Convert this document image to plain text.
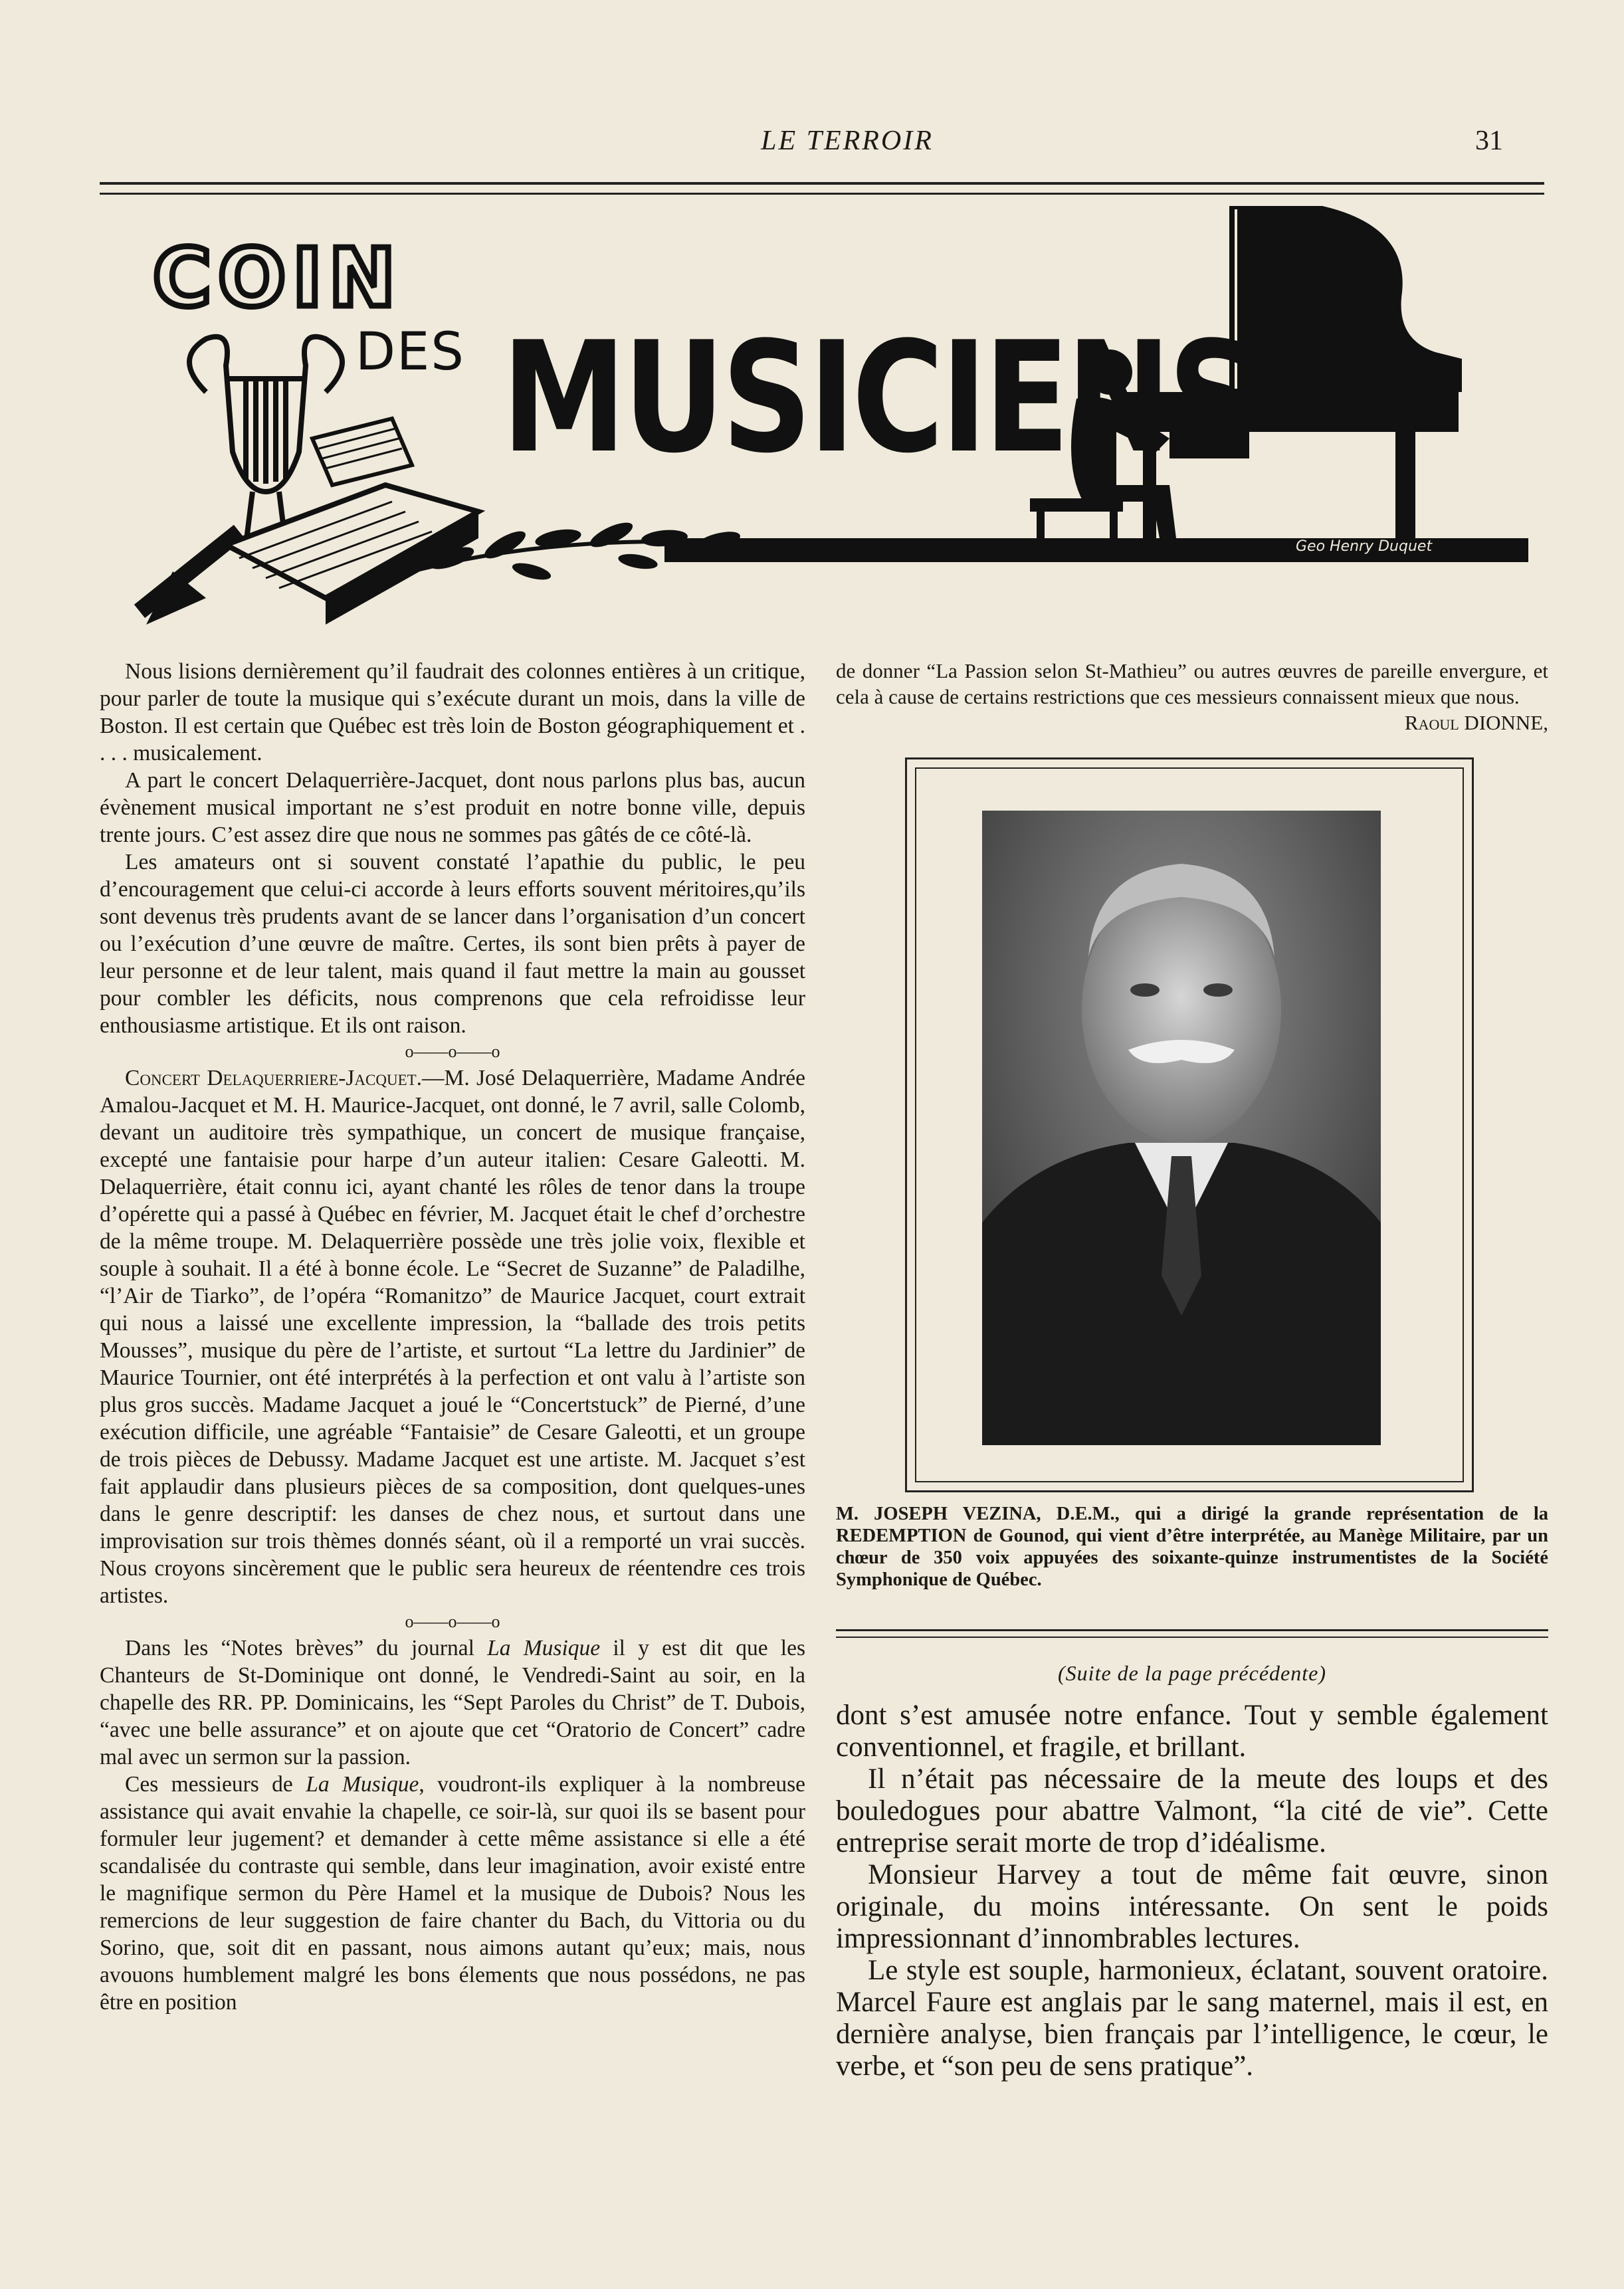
LE TERROIR	31
COIN
DES MUSICIENS
Geo Henry Duquet

Nous lisions dernièrement qu’il faudrait des colonnes entières à un critique, pour parler de toute la musique qui s’exécute durant un mois, dans la ville de Boston. Il est certain que Québec est très loin de Boston géographiquement et . . . . musicalement.

A part le concert Delaquerrière-Jacquet, dont nous parlons plus bas, aucun évènement musical important ne s’est produit en notre bonne ville, depuis trente jours. C’est assez dire que nous ne sommes pas gâtés de ce côté-là.

Les amateurs ont si souvent constaté l’apathie du public, le peu d’encouragement que celui-ci accorde à leurs efforts souvent méritoires,qu’ils sont devenus très prudents avant de se lancer dans l’organisation d’un concert ou l’exécution d’une œuvre de maître. Certes, ils sont bien prêts à payer de leur personne et de leur talent, mais quand il faut mettre la main au gousset pour combler les déficits, nous comprenons que cela refroidisse leur enthousiasme artistique. Et ils ont raison.

o——o——o

Concert Delaquerriere-Jacquet.—M. José Delaquerrière, Madame Andrée Amalou-Jacquet et M. H. Maurice-Jacquet, ont donné, le 7 avril, salle Colomb, devant un auditoire très sympathique, un concert de musique française, excepté une fantaisie pour harpe d’un auteur italien: Cesare Galeotti. M. Delaquerrière, était connu ici, ayant chanté les rôles de tenor dans la troupe d’opérette qui a passé à Québec en février, M. Jacquet était le chef d’orchestre de la même troupe. M. Delaquerrière possède une très jolie voix, flexible et souple à souhait. Il a été à bonne école. Le “Secret de Suzanne” de Paladilhe, “l’Air de Tiarko”, de l’opéra “Romanitzo” de Maurice Jacquet, court extrait qui nous a laissé une excellente impression, la “ballade des trois petits Mousses”, musique du père de l’artiste, et surtout “La lettre du Jardinier” de Maurice Tournier, ont été interprétés à la perfection et ont valu à l’artiste son plus gros succès. Madame Jacquet a joué le “Concertstuck” de Pierné, d’une exécution difficile, une agréable “Fantaisie” de Cesare Galeotti, et un groupe de trois pièces de Debussy. Madame Jacquet est une artiste. M. Jacquet s’est fait applaudir dans plusieurs pièces de sa composition, dont quelques-unes dans le genre descriptif: les danses de chez nous, et surtout dans une improvisation sur trois thèmes donnés séant, où il a remporté un vrai succès. Nous croyons sincèrement que le public sera heureux de réentendre ces trois artistes.

o——o——o

Dans les “Notes brèves” du journal La Musique il y est dit que les Chanteurs de St-Dominique ont donné, le Vendredi-Saint au soir, en la chapelle des RR. PP. Dominicains, les “Sept Paroles du Christ” de T. Dubois, “avec une belle assurance” et on ajoute que cet “Oratorio de Concert” cadre mal avec un sermon sur la passion.

Ces messieurs de La Musique, voudront-ils expliquer à la nombreuse assistance qui avait envahie la chapelle, ce soir-là, sur quoi ils se basent pour formuler leur jugement? et demander à cette même assistance si elle a été scandalisée du contraste qui semble, dans leur imagination, avoir existé entre le magnifique sermon du Père Hamel et la musique de Dubois? Nous les remercions de leur suggestion de faire chanter du Bach, du Vittoria ou du Sorino, que, soit dit en passant, nous aimons autant qu’eux; mais, nous avouons humblement malgré les bons élements que nous possédons, ne pas être en position

de donner “La Passion selon St-Mathieu” ou autres œuvres de pareille envergure, et cela à cause de certains restrictions que ces messieurs connaissent mieux que nous.
Raoul DIONNE,

M. JOSEPH VEZINA, D.E.M., qui a dirigé la grande représentation de la REDEMPTION de Gounod, qui vient d’être interprétée, au Manège Militaire, par un chœur de 350 voix appuyées des soixante-quinze instrumentistes de la Société Symphonique de Québec.
(Suite de la page précédente)

dont s’est amusée notre enfance. Tout y semble également conventionnel, et fragile, et brillant.

Il n’était pas nécessaire de la meute des loups et des bouledogues pour abattre Valmont, “la cité de vie”. Cette entreprise serait morte de trop d’idéalisme.

Monsieur Harvey a tout de même fait œuvre, sinon originale, du moins intéressante. On sent le poids impressionnant d’innombrables lectures.

Le style est souple, harmonieux, éclatant, souvent oratoire. Marcel Faure est anglais par le sang maternel, mais il est, en dernière analyse, bien français par l’intelligence, le cœur, le verbe, et “son peu de sens pratique”.
